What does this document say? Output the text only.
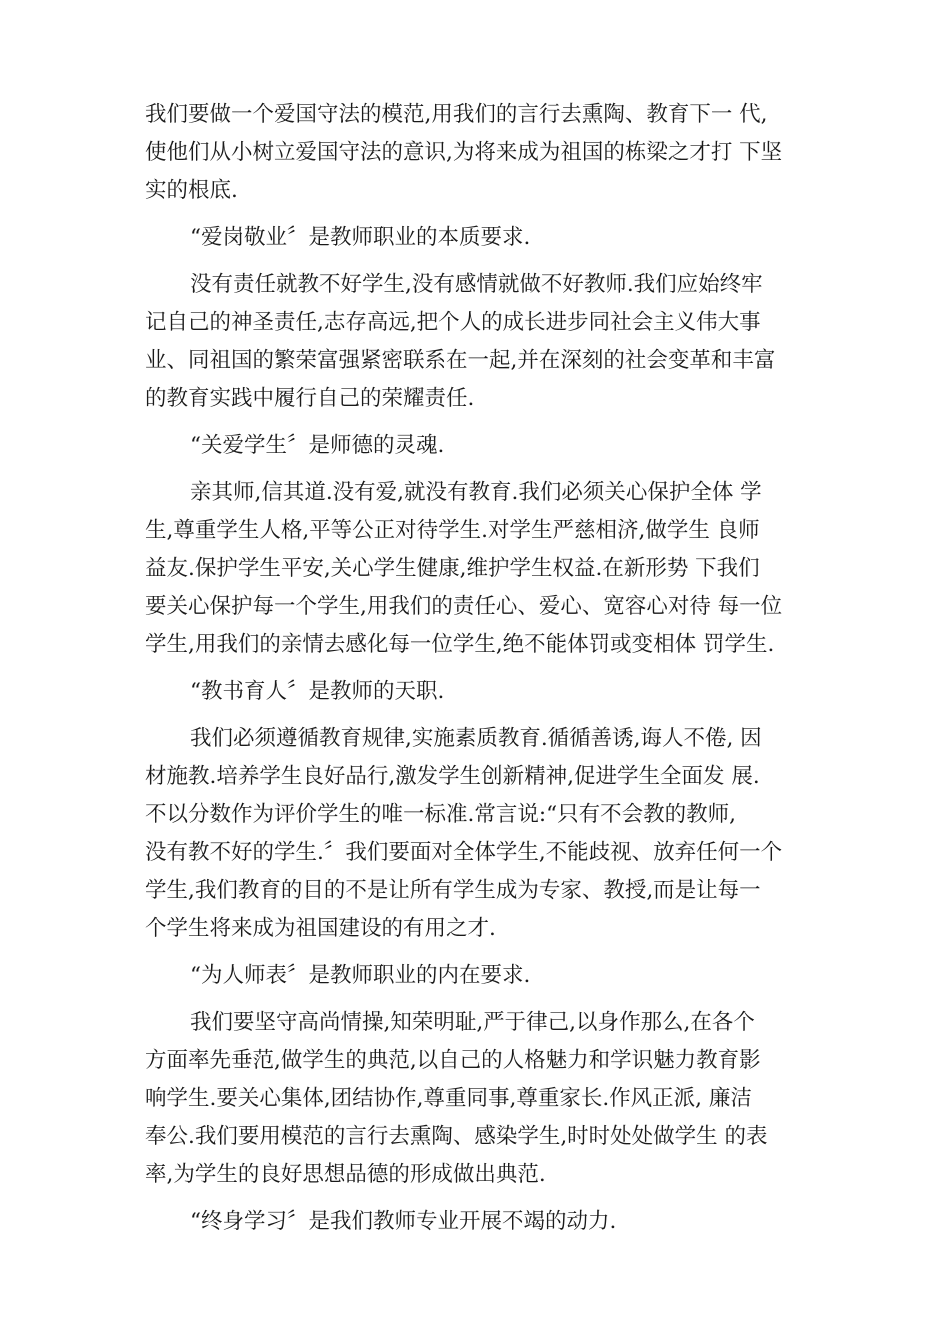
我们要做一个爱国守法的模范,用我们的言行去熏陶、教育下一 代,

使他们从小树立爱国守法的意识,为将来成为祖国的栋梁之才打 下坚

实的根底.

“爱岗敬业〞是教师职业的本质要求.

没有责任就教不好学生,没有感情就做不好教师.我们应始终牢

记自己的神圣责任,志存高远,把个人的成长进步同社会主义伟大事

业、同祖国的繁荣富强紧密联系在一起,并在深刻的社会变革和丰富

的教育实践中履行自己的荣耀责任.

“关爱学生〞是师德的灵魂.

亲其师,信其道.没有爱,就没有教育.我们必须关心保护全体 学

生,尊重学生人格,平等公正对待学生.对学生严慈相济,做学生 良师

益友.保护学生平安,关心学生健康,维护学生权益.在新形势 下我们

要关心保护每一个学生,用我们的责任心、爱心、宽容心对待 每一位

学生,用我们的亲情去感化每一位学生,绝不能体罚或变相体 罚学生.

“教书育人〞是教师的天职.

我们必须遵循教育规律,实施素质教育.循循善诱,诲人不倦, 因

材施教.培养学生良好品行,激发学生创新精神,促进学生全面发 展.

不以分数作为评价学生的唯一标准.常言说:“只有不会教的教师,

没有教不好的学生.〞我们要面对全体学生,不能歧视、放弃任何一个

学生,我们教育的目的不是让所有学生成为专家、教授,而是让每一

个学生将来成为祖国建设的有用之才.

“为人师表〞是教师职业的内在要求.

我们要坚守高尚情操,知荣明耻,严于律己,以身作那么,在各个

方面率先垂范,做学生的典范,以自己的人格魅力和学识魅力教育影

响学生.要关心集体,团结协作,尊重同事,尊重家长.作风正派, 廉洁

奉公.我们要用模范的言行去熏陶、感染学生,时时处处做学生 的表

率,为学生的良好思想品德的形成做出典范.

“终身学习〞是我们教师专业开展不竭的动力.
